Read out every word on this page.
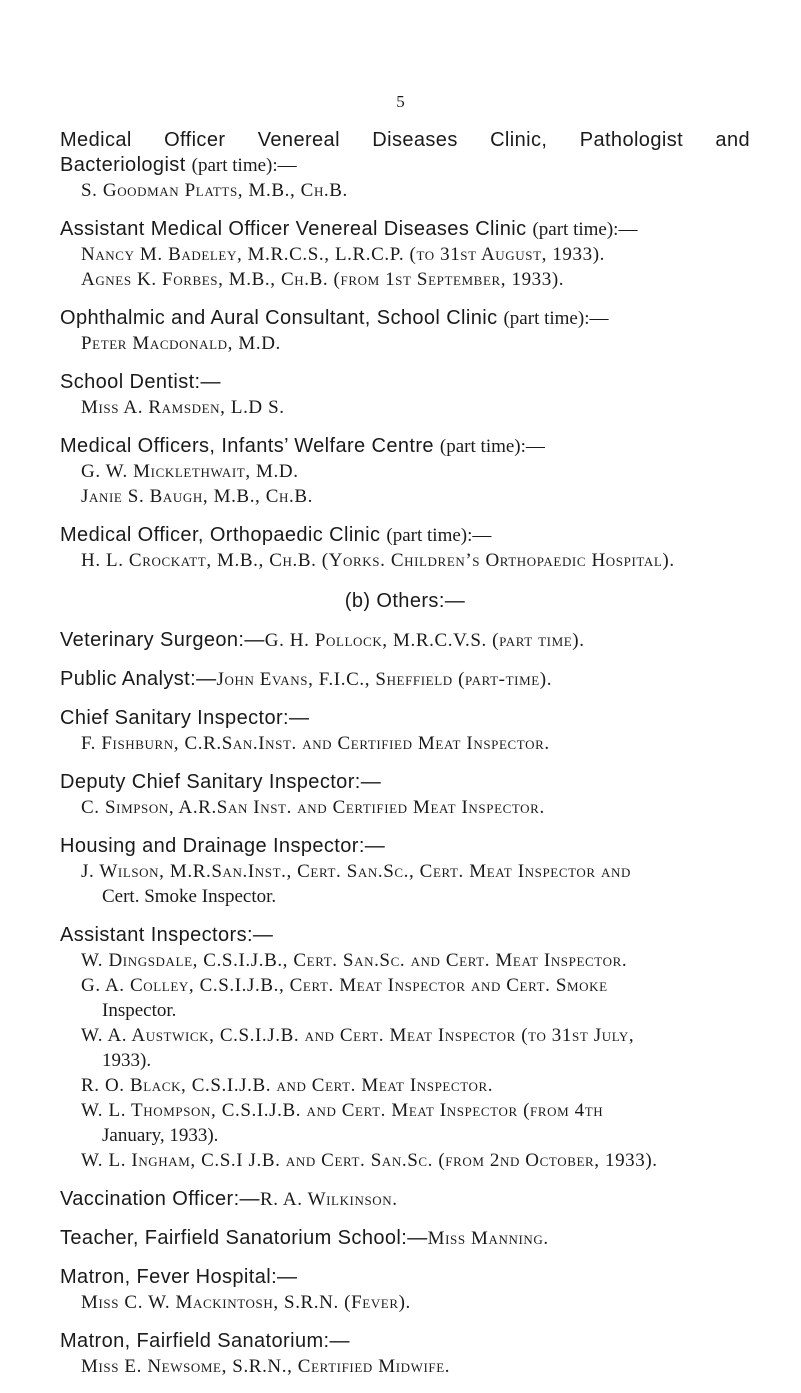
5
Medical Officer Venereal Diseases Clinic, Pathologist and
Bacteriologist (part time):—
S. Goodman Platts, M.B., Ch.B.
Assistant Medical Officer Venereal Diseases Clinic (part time):—
Nancy M. Badeley, M.R.C.S., L.R.C.P. (to 31st August, 1933).
Agnes K. Forbes, M.B., Ch.B. (from 1st September, 1933).
Ophthalmic and Aural Consultant, School Clinic (part time):—
Peter Macdonald, M.D.
School Dentist:—
Miss A. Ramsden, L.D S.
Medical Officers, Infants’ Welfare Centre (part time):—
G. W. Micklethwait, M.D.
Janie S. Baugh, M.B., Ch.B.
Medical Officer, Orthopaedic Clinic (part time):—
H. L. Crockatt, M.B., Ch.B. (Yorks. Children’s Orthopaedic Hospital).
(b) Others:—
Veterinary Surgeon:—G. H. Pollock, M.R.C.V.S. (part time).
Public Analyst:—John Evans, F.I.C., Sheffield (part-time).
Chief Sanitary Inspector:—
F. Fishburn, C.R.San.Inst. and Certified Meat Inspector.
Deputy Chief Sanitary Inspector:—
C. Simpson, A.R.San Inst. and Certified Meat Inspector.
Housing and Drainage Inspector:—
J. Wilson, M.R.San.Inst., Cert. San.Sc., Cert. Meat Inspector and
Cert. Smoke Inspector.
Assistant Inspectors:—
W. Dingsdale, C.S.I.J.B., Cert. San.Sc. and Cert. Meat Inspector.
G. A. Colley, C.S.I.J.B., Cert. Meat Inspector and Cert. Smoke
Inspector.
W. A. Austwick, C.S.I.J.B. and Cert. Meat Inspector (to 31st July,
1933).
R. O. Black, C.S.I.J.B. and Cert. Meat Inspector.
W. L. Thompson, C.S.I.J.B. and Cert. Meat Inspector (from 4th
January, 1933).
W. L. Ingham, C.S.I J.B. and Cert. San.Sc. (from 2nd October, 1933).
Vaccination Officer:—R. A. Wilkinson.
Teacher, Fairfield Sanatorium School:—Miss Manning.
Matron, Fever Hospital:—
Miss C. W. Mackintosh, S.R.N. (Fever).
Matron, Fairfield Sanatorium:—
Miss E. Newsome, S.R.N., Certified Midwife.
